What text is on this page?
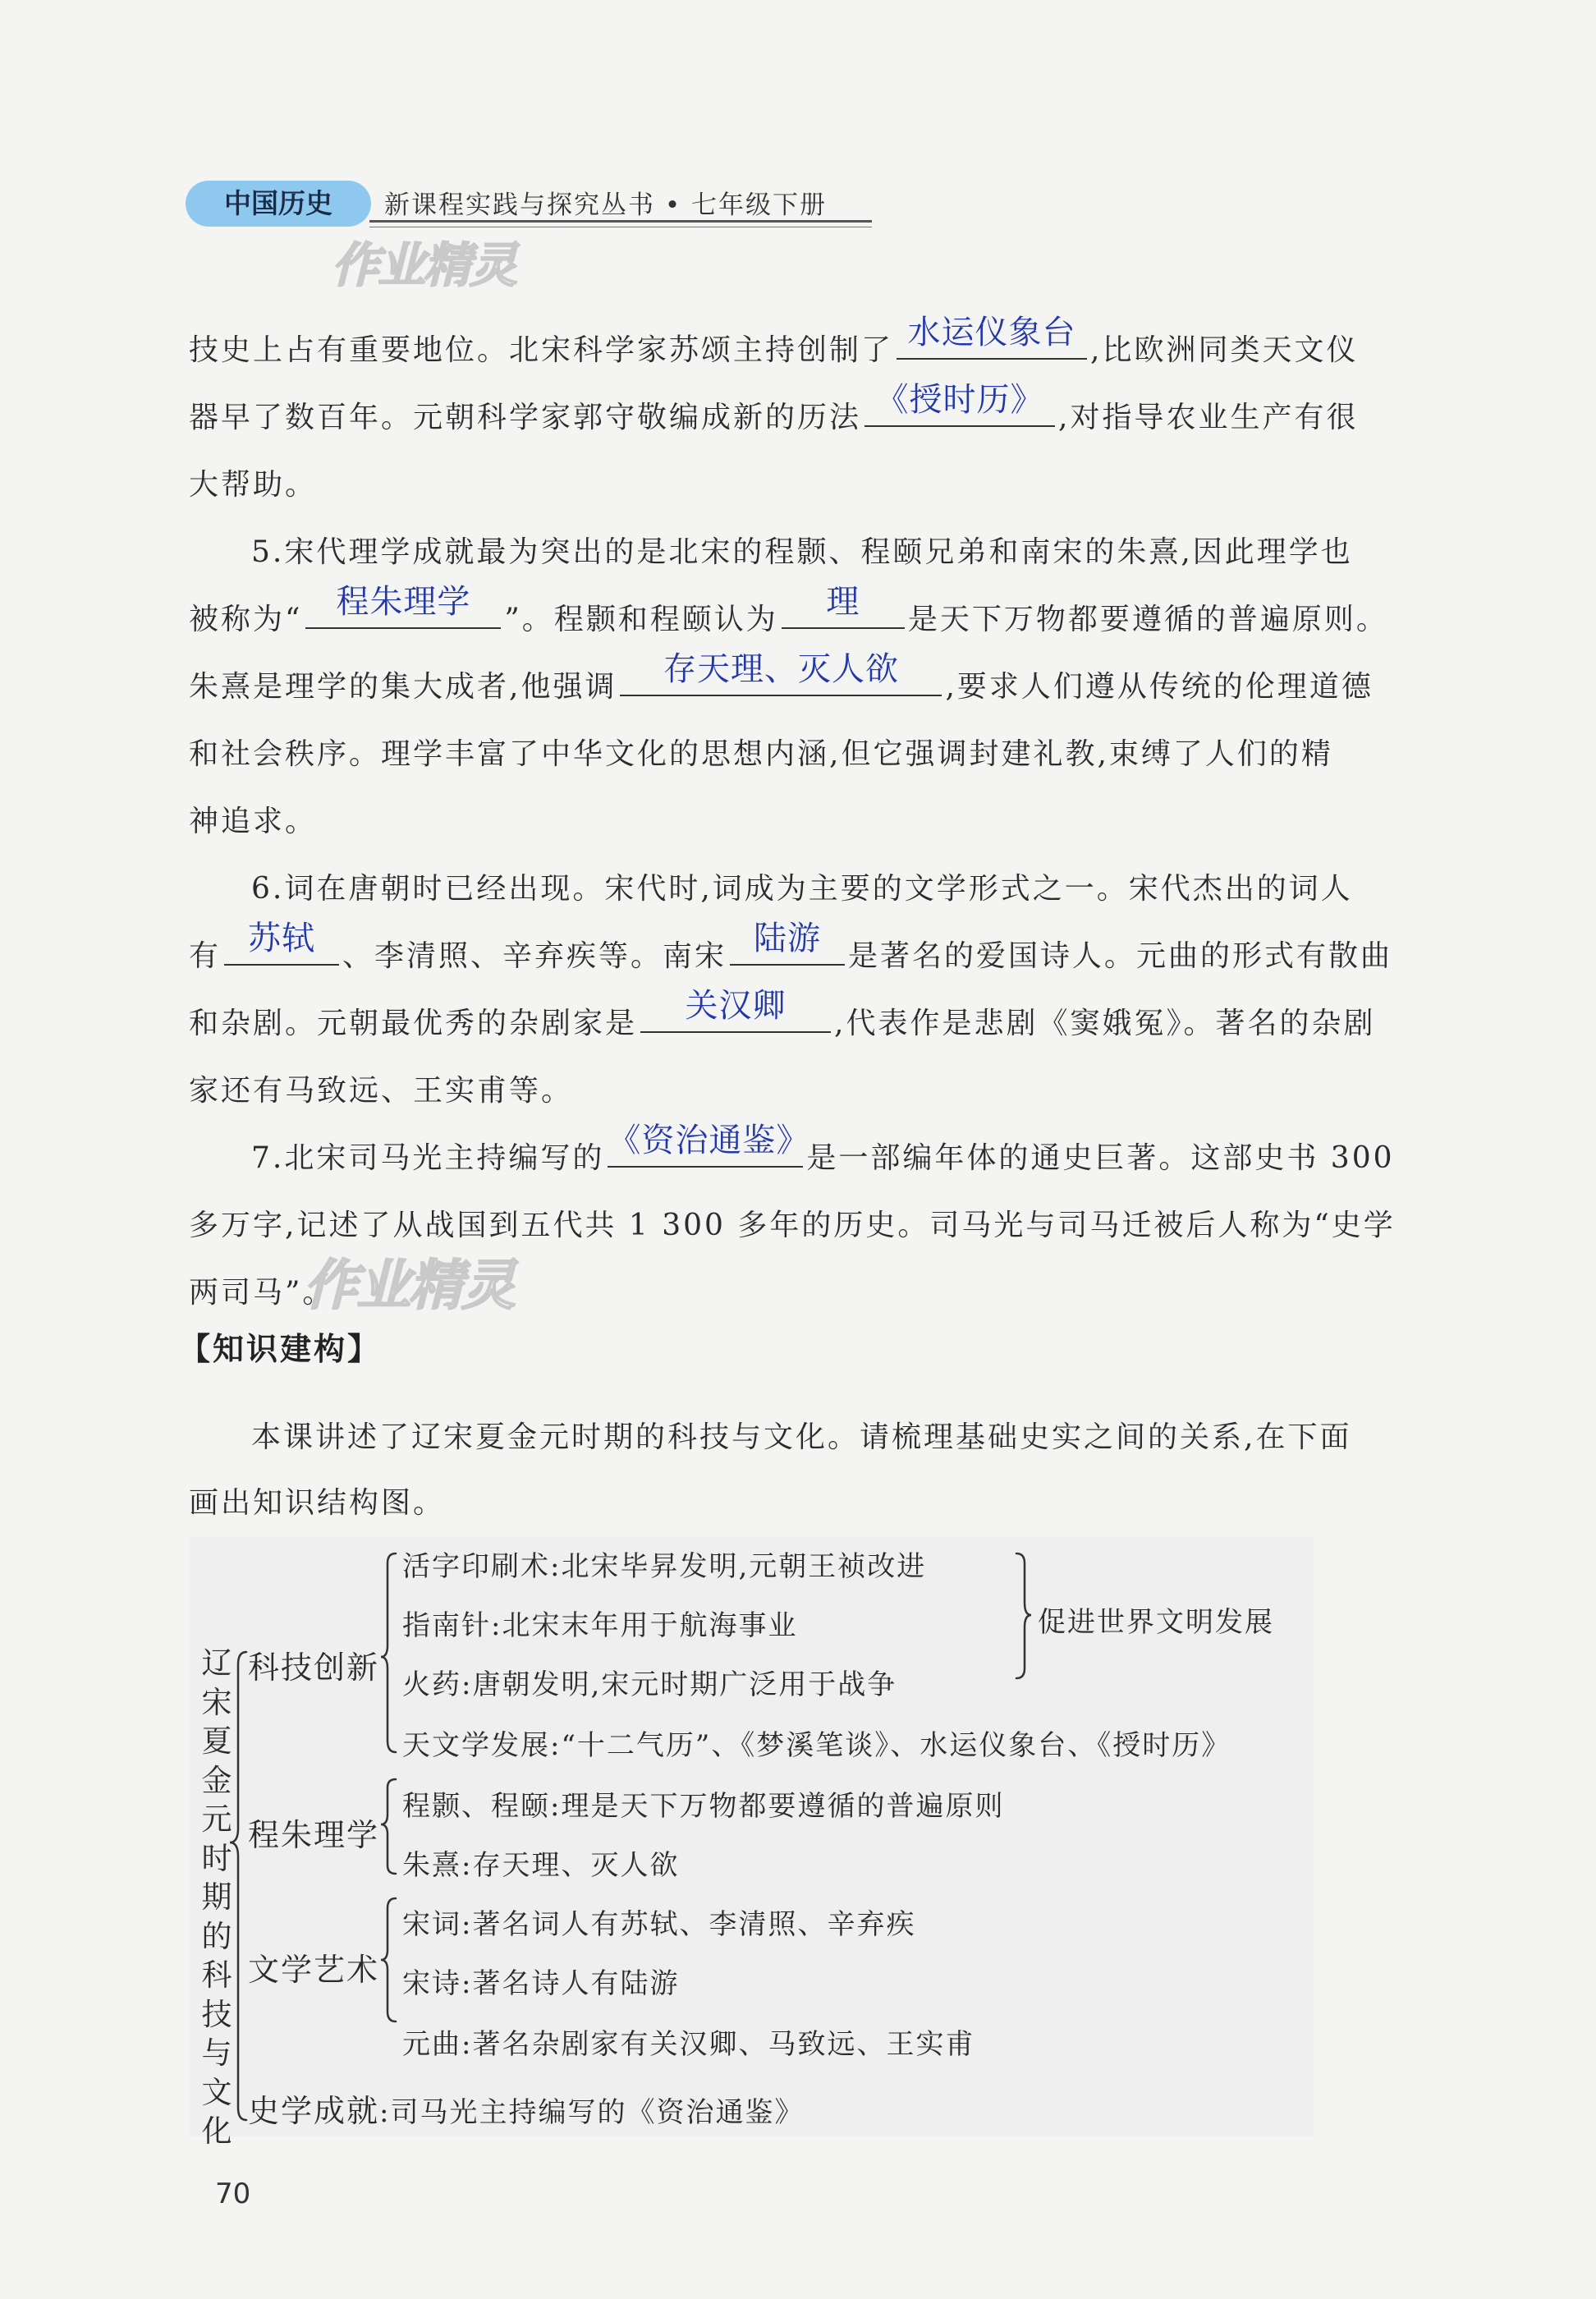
中国历史	新课程实践与探究丛书 • 七年级下册
作业精灵
技史上占有重要地位。北宋科学家苏颂主持创制了 水运仪象台 ,比欧洲同类天文仪
器早了数百年。元朝科学家郭守敬编成新的历法 《授时历》 ,对指导农业生产有很
大帮助。
5.宋代理学成就最为突出的是北宋的程颢、程颐兄弟和南宋的朱熹,因此理学也
被称为“	程朱理学	”。程颢和程颐认为	理	是天下万物都要遵循的普遍原则。
朱熹是理学的集大成者,他强调	存天理、灭人欲	,要求人们遵从传统的伦理道德
和社会秩序。理学丰富了中华文化的思想内涵,但它强调封建礼教,束缚了人们的精
神追求。
6.词在唐朝时已经出现。宋代时,词成为主要的文学形式之一。宋代杰出的词人
有 苏轼 、李清照、辛弃疾等。南宋 陆游 是著名的爱国诗人。元曲的形式有散曲
和杂剧。元朝最优秀的杂剧家是	关汉卿	,代表作是悲剧《窦娥冤》。著名的杂剧
家还有马致远、王实甫等。
7.北宋司马光主持编写的 《资治通鉴》
是一部编年体的通史巨著。这部史书 300
多万字,记述了从战国到五代共 1 300 多年的历史。司马光与司马迁被后人称为“史学
两司马”。
作业精灵
【知识建构】
本课讲述了辽宋夏金元时期的科技与文化。请梳理基础史实之间的关系,在下面
画出知识结构图。
辽宋夏金元时期的科技与文化
科技创新
活字印刷术:北宋毕昇发明,元朝王祯改进
指南针:北宋末年用于航海事业
火药:唐朝发明,宋元时期广泛用于战争
天文学发展:“十二气历”、《梦溪笔谈》、水运仪象台、《授时历》
促进世界文明发展
程朱理学
程颢、程颐:理是天下万物都要遵循的普遍原则
朱熹:存天理、灭人欲
文学艺术
宋词:著名词人有苏轼、李清照、辛弃疾
宋诗:著名诗人有陆游
元曲:著名杂剧家有关汉卿、马致远、王实甫
史学成就:司马光主持编写的《资治通鉴》
70
